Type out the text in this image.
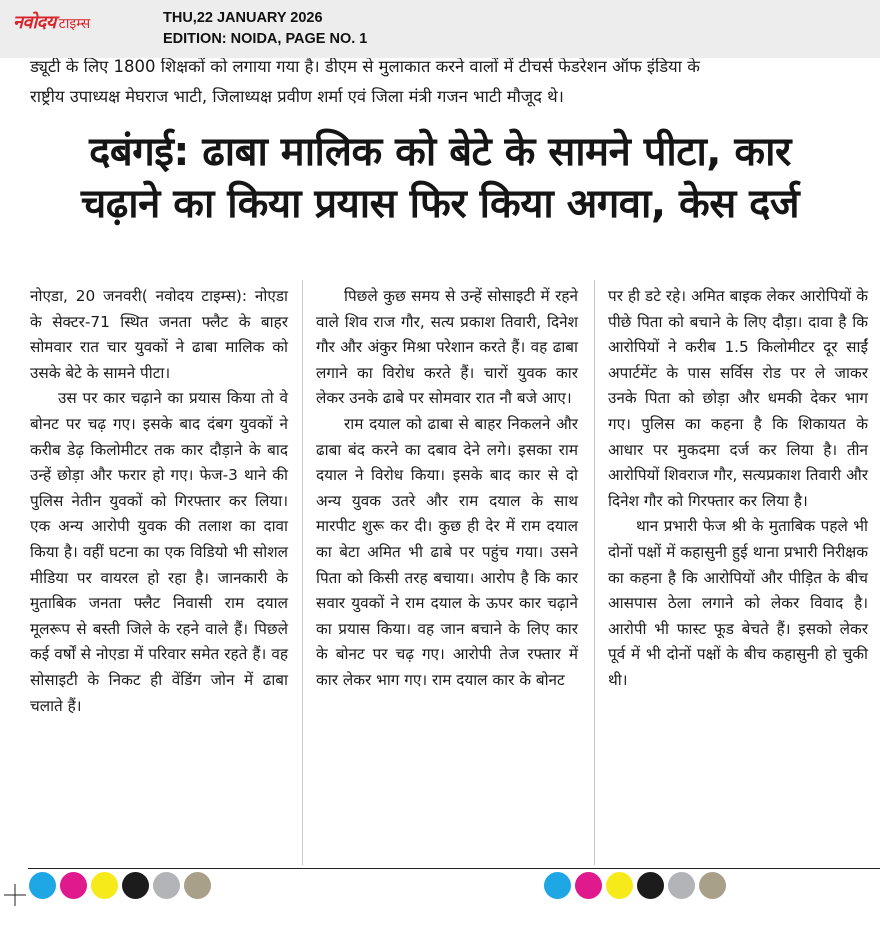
नवोदय टाइम्स	THU,22 JANUARY 2026
EDITION: NOIDA, PAGE NO. 1
ड्यूटी के लिए 1800 शिक्षकों को लगाया गया है। डीएम से मुलाकात करने वालों में टीचर्स फेडरेशन ऑफ इंडिया के
राष्ट्रीय उपाध्यक्ष मेघराज भाटी, जिलाध्यक्ष प्रवीण शर्मा एवं जिला मंत्री गजन भाटी मौजूद थे।
दबंगई: ढाबा मालिक को बेटे के सामने पीटा, कार
चढ़ाने का किया प्रयास फिर किया अगवा, केस दर्ज

नोएडा, 20 जनवरी( नवोदय टाइम्स): नोएडा के सेक्टर-71 स्थित जनता फ्लैट के बाहर सोमवार रात चार युवकों ने ढाबा मालिक को उसके बेटे के सामने पीटा।

उस पर कार चढ़ाने का प्रयास किया तो वे बोनट पर चढ़ गए। इसके बाद दंबग युवकों ने करीब डेढ़ किलोमीटर तक कार दौड़ाने के बाद उन्हें छोड़ा और फरार हो गए। फेज-3 थाने की पुलिस नेतीन युवकों को गिरफ्तार कर लिया। एक अन्य आरोपी युवक की तलाश का दावा किया है। वहीं घटना का एक विडियो भी सोशल मीडिया पर वायरल हो रहा है। जानकारी के मुताबिक जनता फ्लैट निवासी राम दयाल मूलरूप से बस्ती जिले के रहने वाले हैं। पिछले कई वर्षों से नोएडा में परिवार समेत रहते हैं। वह सोसाइटी के निकट ही वेंडिंग जोन में ढाबा चलाते हैं।

पिछले कुछ समय से उन्हें सोसाइटी में रहने वाले शिव राज गौर, सत्य प्रकाश तिवारी, दिनेश गौर और अंकुर मिश्रा परेशान करते हैं। वह ढाबा लगाने का विरोध करते हैं। चारों युवक कार लेकर उनके ढाबे पर सोमवार रात नौ बजे आए।

राम दयाल को ढाबा से बाहर निकलने और ढाबा बंद करने का दबाव देने लगे। इसका राम दयाल ने विरोध किया। इसके बाद कार से दो अन्य युवक उतरे और राम दयाल के साथ मारपीट शुरू कर दी। कुछ ही देर में राम दयाल का बेटा अमित भी ढाबे पर पहुंच गया। उसने पिता को किसी तरह बचाया। आरोप है कि कार सवार युवकों ने राम दयाल के ऊपर कार चढ़ाने का प्रयास किया। वह जान बचाने के लिए कार के बोनट पर चढ़ गए। आरोपी तेज रफ्तार में कार लेकर भाग गए। राम दयाल कार के बोनट

पर ही डटे रहे। अमित बाइक लेकर आरोपियों के पीछे पिता को बचाने के लिए दौड़ा। दावा है कि आरोपियों ने करीब 1.5 किलोमीटर दूर साईं अपार्टमेंट के पास सर्विस रोड पर ले जाकर उनके पिता को छोड़ा और धमकी देकर भाग गए। पुलिस का कहना है कि शिकायत के आधार पर मुकदमा दर्ज कर लिया है। तीन आरोपियों शिवराज गौर, सत्यप्रकाश तिवारी और दिनेश गौर को गिरफ्तार कर लिया है।

थान प्रभारी फेज श्री के मुताबिक पहले भी दोनों पक्षों में कहासुनी हुई थाना प्रभारी निरीक्षक का कहना है कि आरोपियों और पीड़ित के बीच आसपास ठेला लगाने को लेकर विवाद है। आरोपी भी फास्ट फूड बेचते हैं। इसको लेकर पूर्व में भी दोनों पक्षों के बीच कहासुनी हो चुकी थी।
